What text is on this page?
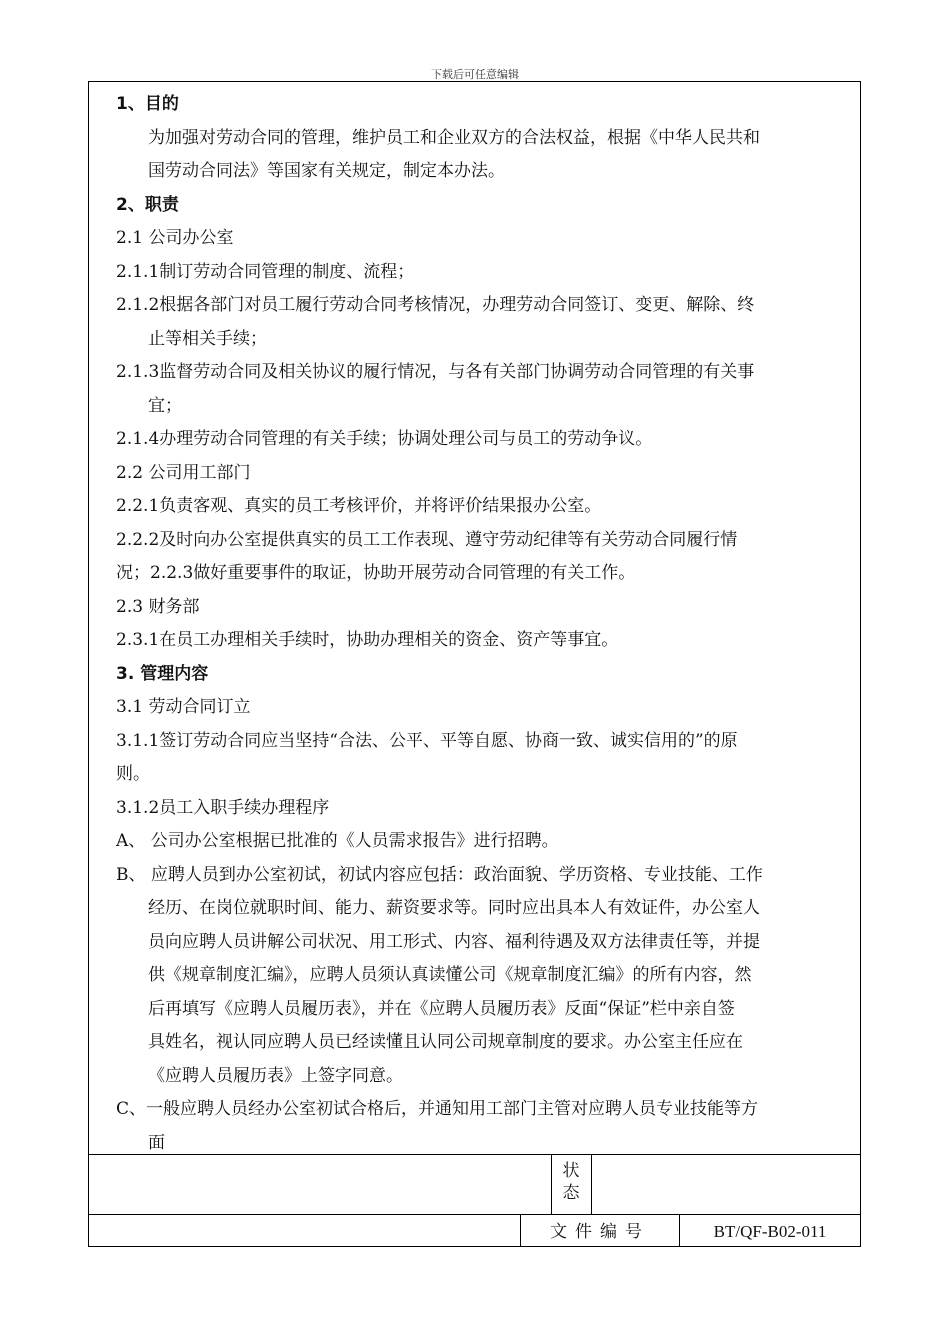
下载后可任意编辑
1、目的
为加强对劳动合同的管理，维护员工和企业双方的合法权益，根据《中华人民共和
国劳动合同法》等国家有关规定，制定本办法。
2、职责
2.1 公司办公室
2.1.1制订劳动合同管理的制度、流程；
2.1.2根据各部门对员工履行劳动合同考核情况，办理劳动合同签订、变更、解除、终
止等相关手续；
2.1.3监督劳动合同及相关协议的履行情况，与各有关部门协调劳动合同管理的有关事
宜；
2.1.4办理劳动合同管理的有关手续；协调处理公司与员工的劳动争议。
2.2 公司用工部门
2.2.1负责客观、真实的员工考核评价，并将评价结果报办公室。
2.2.2及时向办公室提供真实的员工工作表现、遵守劳动纪律等有关劳动合同履行情
况；2.2.3做好重要事件的取证，协助开展劳动合同管理的有关工作。
2.3 财务部
2.3.1在员工办理相关手续时，协助办理相关的资金、资产等事宜。
3. 管理内容
3.1 劳动合同订立
3.1.1签订劳动合同应当坚持“合法、公平、平等自愿、协商一致、诚实信用的”的原
则。
3.1.2员工入职手续办理程序
A、 公司办公室根据已批准的《人员需求报告》进行招聘。
B、 应聘人员到办公室初试，初试内容应包括：政治面貌、学历资格、专业技能、工作
经历、在岗位就职时间、能力、薪资要求等。同时应出具本人有效证件，办公室人
员向应聘人员讲解公司状况、用工形式、内容、福利待遇及双方法律责任等，并提
供《规章制度汇编》，应聘人员须认真读懂公司《规章制度汇编》的所有内容，然
后再填写《应聘人员履历表》，并在《应聘人员履历表》反面“保证”栏中亲自签
具姓名，视认同应聘人员已经读懂且认同公司规章制度的要求。办公室主任应在
《应聘人员履历表》上签字同意。
C、一般应聘人员经办公室初试合格后，并通知用工部门主管对应聘人员专业技能等方
面
状态
文件编号	BT/QF-B02-011
